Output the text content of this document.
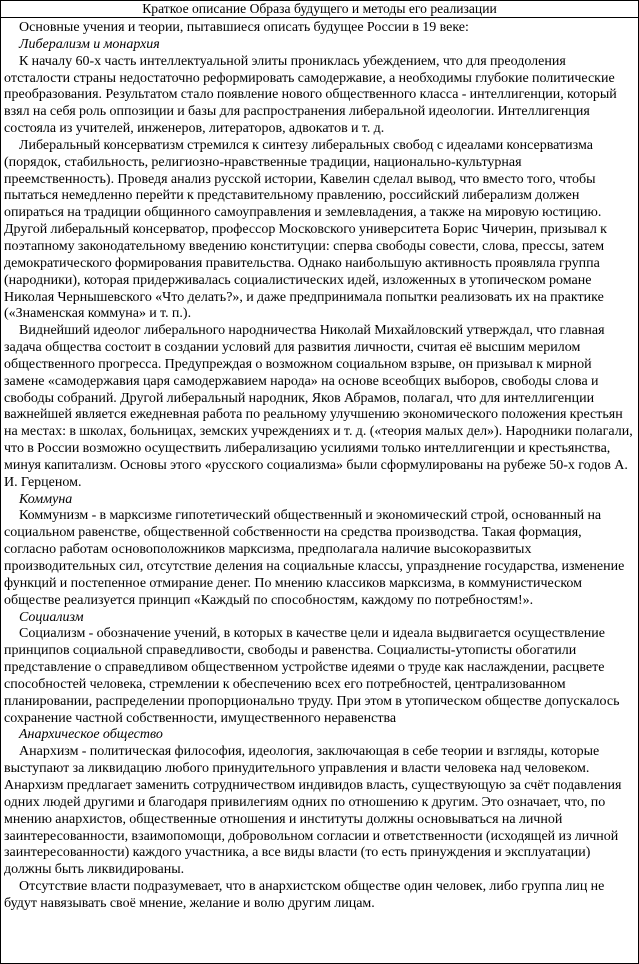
Краткое описание Образа будущего и методы его реализации

Основные учения и теории, пытавшиеся описать будущее России в 19 веке:

Либерализм и монархия

К началу 60-х часть интеллектуальной элиты прониклась убеждением, что для преодоления отсталости страны недостаточно реформировать самодержавие, а необходимы глубокие политические преобразования. Результатом стало появление нового общественного класса - интеллигенции, который взял на себя роль оппозиции и базы для распространения либеральной идеологии. Интеллигенция состояла из учителей, инженеров, литераторов, адвокатов и т. д.

Либеральный консерватизм стремился к синтезу либеральных свобод с идеалами консерватизма (порядок, стабильность, религиозно-нравственные традиции, национально-культурная преемственность). Проведя анализ русской истории, Кавелин сделал вывод, что вместо того, чтобы пытаться немедленно перейти к представительному правлению, российский либерализм должен опираться на традиции общинного самоуправления и землевладения, а также на мировую юстицию. Другой либеральный консерватор, профессор Московского университета Борис Чичерин, призывал к поэтапному законодательному введению конституции: сперва свободы совести, слова, прессы, затем демократического формирования правительства. Однако наибольшую активность проявляла группа (народники), которая придерживалась социалистических идей, изложенных в утопическом романе Николая Чернышевского «Что делать?», и даже предпринимала попытки реализовать их на практике («Знаменская коммуна» и т. п.).

Виднейший идеолог либерального народничества Николай Михайловский утверждал, что главная задача общества состоит в создании условий для развития личности, считая её высшим мерилом общественного прогресса. Предупреждая о возможном социальном взрыве, он призывал к мирной замене «самодержавия царя самодержавием народа» на основе всеобщих выборов, свободы слова и свободы собраний. Другой либеральный народник, Яков Абрамов, полагал, что для интеллигенции важнейшей является ежедневная работа по реальному улучшению экономического положения крестьян на местах: в школах, больницах, земских учреждениях и т. д. («теория малых дел»). Народники полагали, что в России возможно осуществить либерализацию усилиями только интеллигенции и крестьянства, минуя капитализм. Основы этого «русского социализма» были сформулированы на рубеже 50-х годов А. И. Герценом.

Коммуна

Коммунизм - в марксизме гипотетический общественный и экономический строй, основанный на социальном равенстве, общественной собственности на средства производства. Такая формация, согласно работам основоположников марксизма, предполагала наличие высокоразвитых производительных сил, отсутствие деления на социальные классы, упразднение государства, изменение функций и постепенное отмирание денег. По мнению классиков марксизма, в коммунистическом обществе реализуется принцип «Каждый по способностям, каждому по потребностям!».

Социализм

Социализм - обозначение учений, в которых в качестве цели и идеала выдвигается осуществление принципов социальной справедливости, свободы и равенства. Социалисты-утописты обогатили представление о справедливом общественном устройстве идеями о труде как наслаждении, расцвете способностей человека, стремлении к обеспечению всех его потребностей, централизованном планировании, распределении пропорционально труду. При этом в утопическом обществе допускалось сохранение частной собственности, имущественного неравенства

Анархическое общество

Анархизм - политическая философия, идеология, заключающая в себе теории и взгляды, которые выступают за ликвидацию любого принудительного управления и власти человека над человеком. Анархизм предлагает заменить сотрудничеством индивидов власть, существующую за счёт подавления одних людей другими и благодаря привилегиям одних по отношению к другим. Это означает, что, по мнению анархистов, общественные отношения и институты должны основываться на личной заинтересованности, взаимопомощи, добровольном согласии и ответственности (исходящей из личной заинтересованности) каждого участника, а все виды власти (то есть принуждения и эксплуатации) должны быть ликвидированы.

Отсутствие власти подразумевает, что в анархистском обществе один человек, либо группа лиц не будут навязывать своё мнение, желание и волю другим лицам.
